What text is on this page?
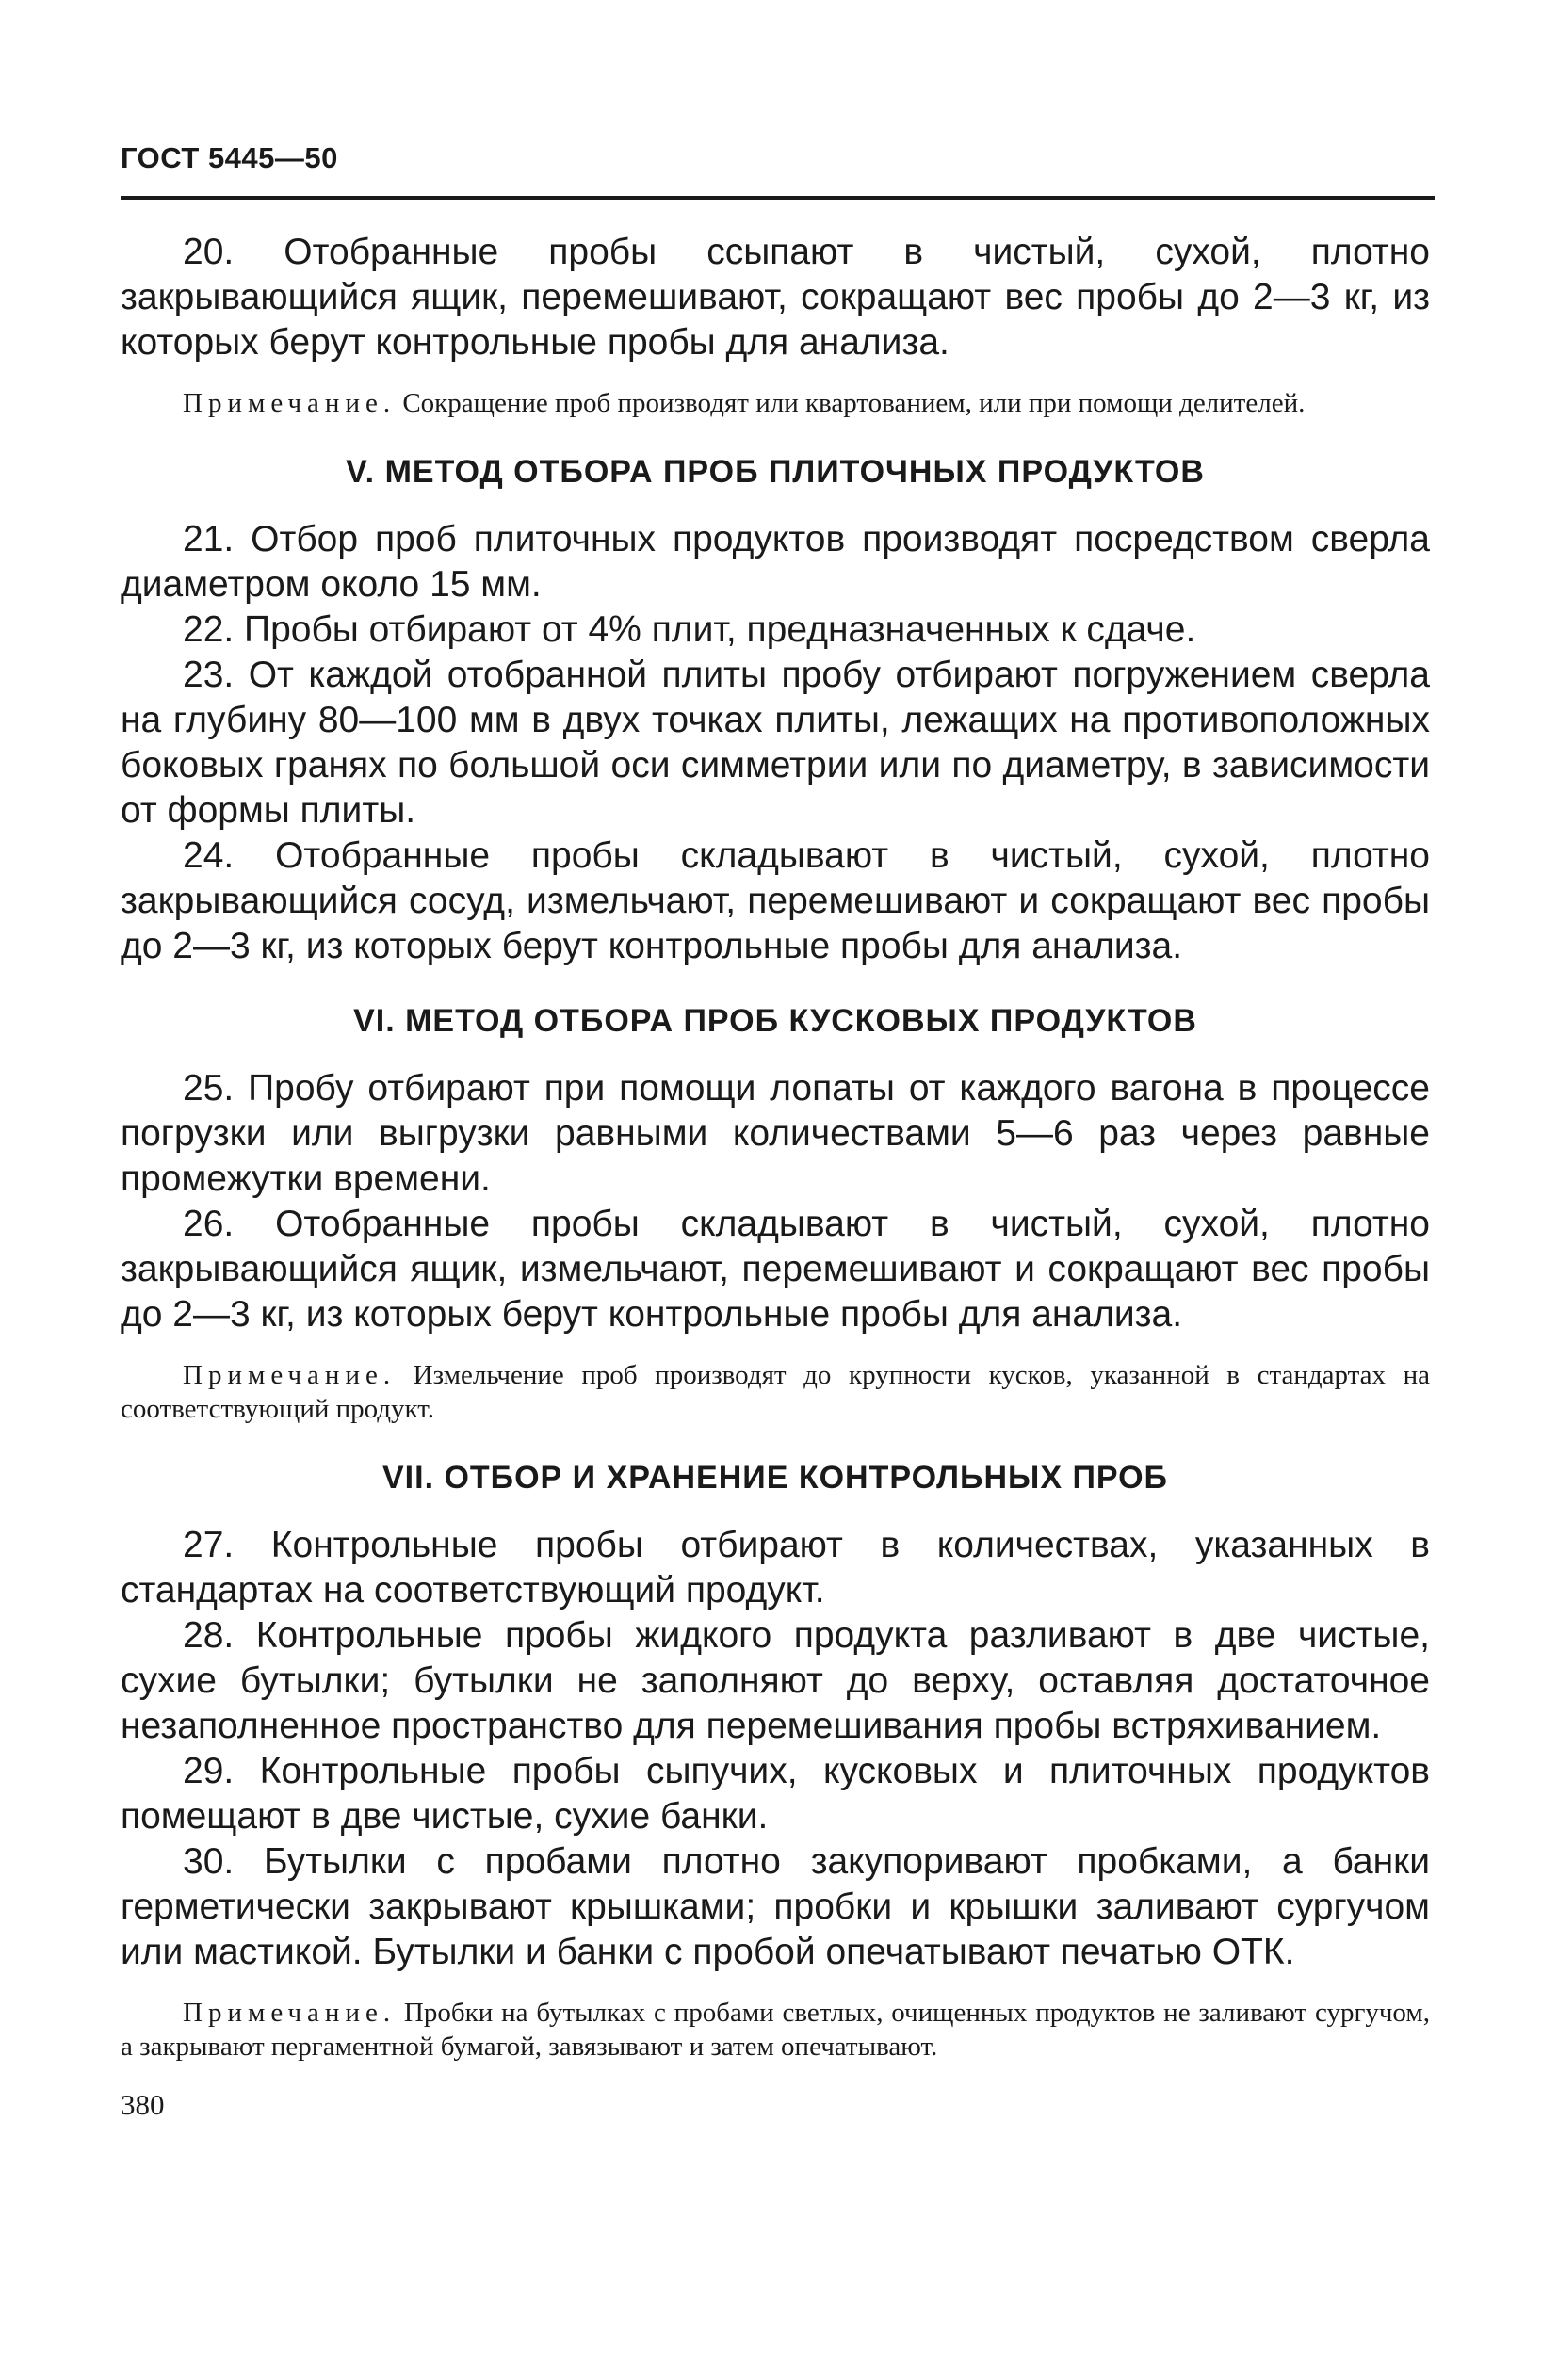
ГОСТ 5445—50

20. Отобранные пробы ссыпают в чистый, сухой, плотно закрывающийся ящик, перемешивают, сокращают вес пробы до 2—3 кг, из которых берут контрольные пробы для анализа.

Примечание. Сокращение проб производят или квартованием, или при помощи делителей.

V. МЕТОД ОТБОРА ПРОБ ПЛИТОЧНЫХ ПРОДУКТОВ

21. Отбор проб плиточных продуктов производят посредством сверла диаметром около 15 мм.

22. Пробы отбирают от 4% плит, предназначенных к сдаче.

23. От каждой отобранной плиты пробу отбирают погружением сверла на глубину 80—100 мм в двух точках плиты, лежащих на противоположных боковых гранях по большой оси симметрии или по диаметру, в зависимости от формы плиты.

24. Отобранные пробы складывают в чистый, сухой, плотно закрывающийся сосуд, измельчают, перемешивают и сокращают вес пробы до 2—3 кг, из которых берут контрольные пробы для анализа.

VI. МЕТОД ОТБОРА ПРОБ КУСКОВЫХ ПРОДУКТОВ

25. Пробу отбирают при помощи лопаты от каждого вагона в процессе погрузки или выгрузки равными количествами 5—6 раз через равные промежутки времени.

26. Отобранные пробы складывают в чистый, сухой, плотно закрывающийся ящик, измельчают, перемешивают и сокращают вес пробы до 2—3 кг, из которых берут контрольные пробы для анализа.

Примечание. Измельчение проб производят до крупности кусков, указанной в стандартах на соответствующий продукт.

VII. ОТБОР И ХРАНЕНИЕ КОНТРОЛЬНЫХ ПРОБ

27. Контрольные пробы отбирают в количествах, указанных в стандартах на соответствующий продукт.

28. Контрольные пробы жидкого продукта разливают в две чистые, сухие бутылки; бутылки не заполняют до верху, оставляя достаточное незаполненное пространство для перемешивания пробы встряхиванием.

29. Контрольные пробы сыпучих, кусковых и плиточных продуктов помещают в две чистые, сухие банки.

30. Бутылки с пробами плотно закупоривают пробками, а банки герметически закрывают крышками; пробки и крышки заливают сургучом или мастикой. Бутылки и банки с пробой опечатывают печатью ОТК.

Примечание. Пробки на бутылках с пробами светлых, очищенных продуктов не заливают сургучом, а закрывают пергаментной бумагой, завязывают и затем опечатывают.

380
